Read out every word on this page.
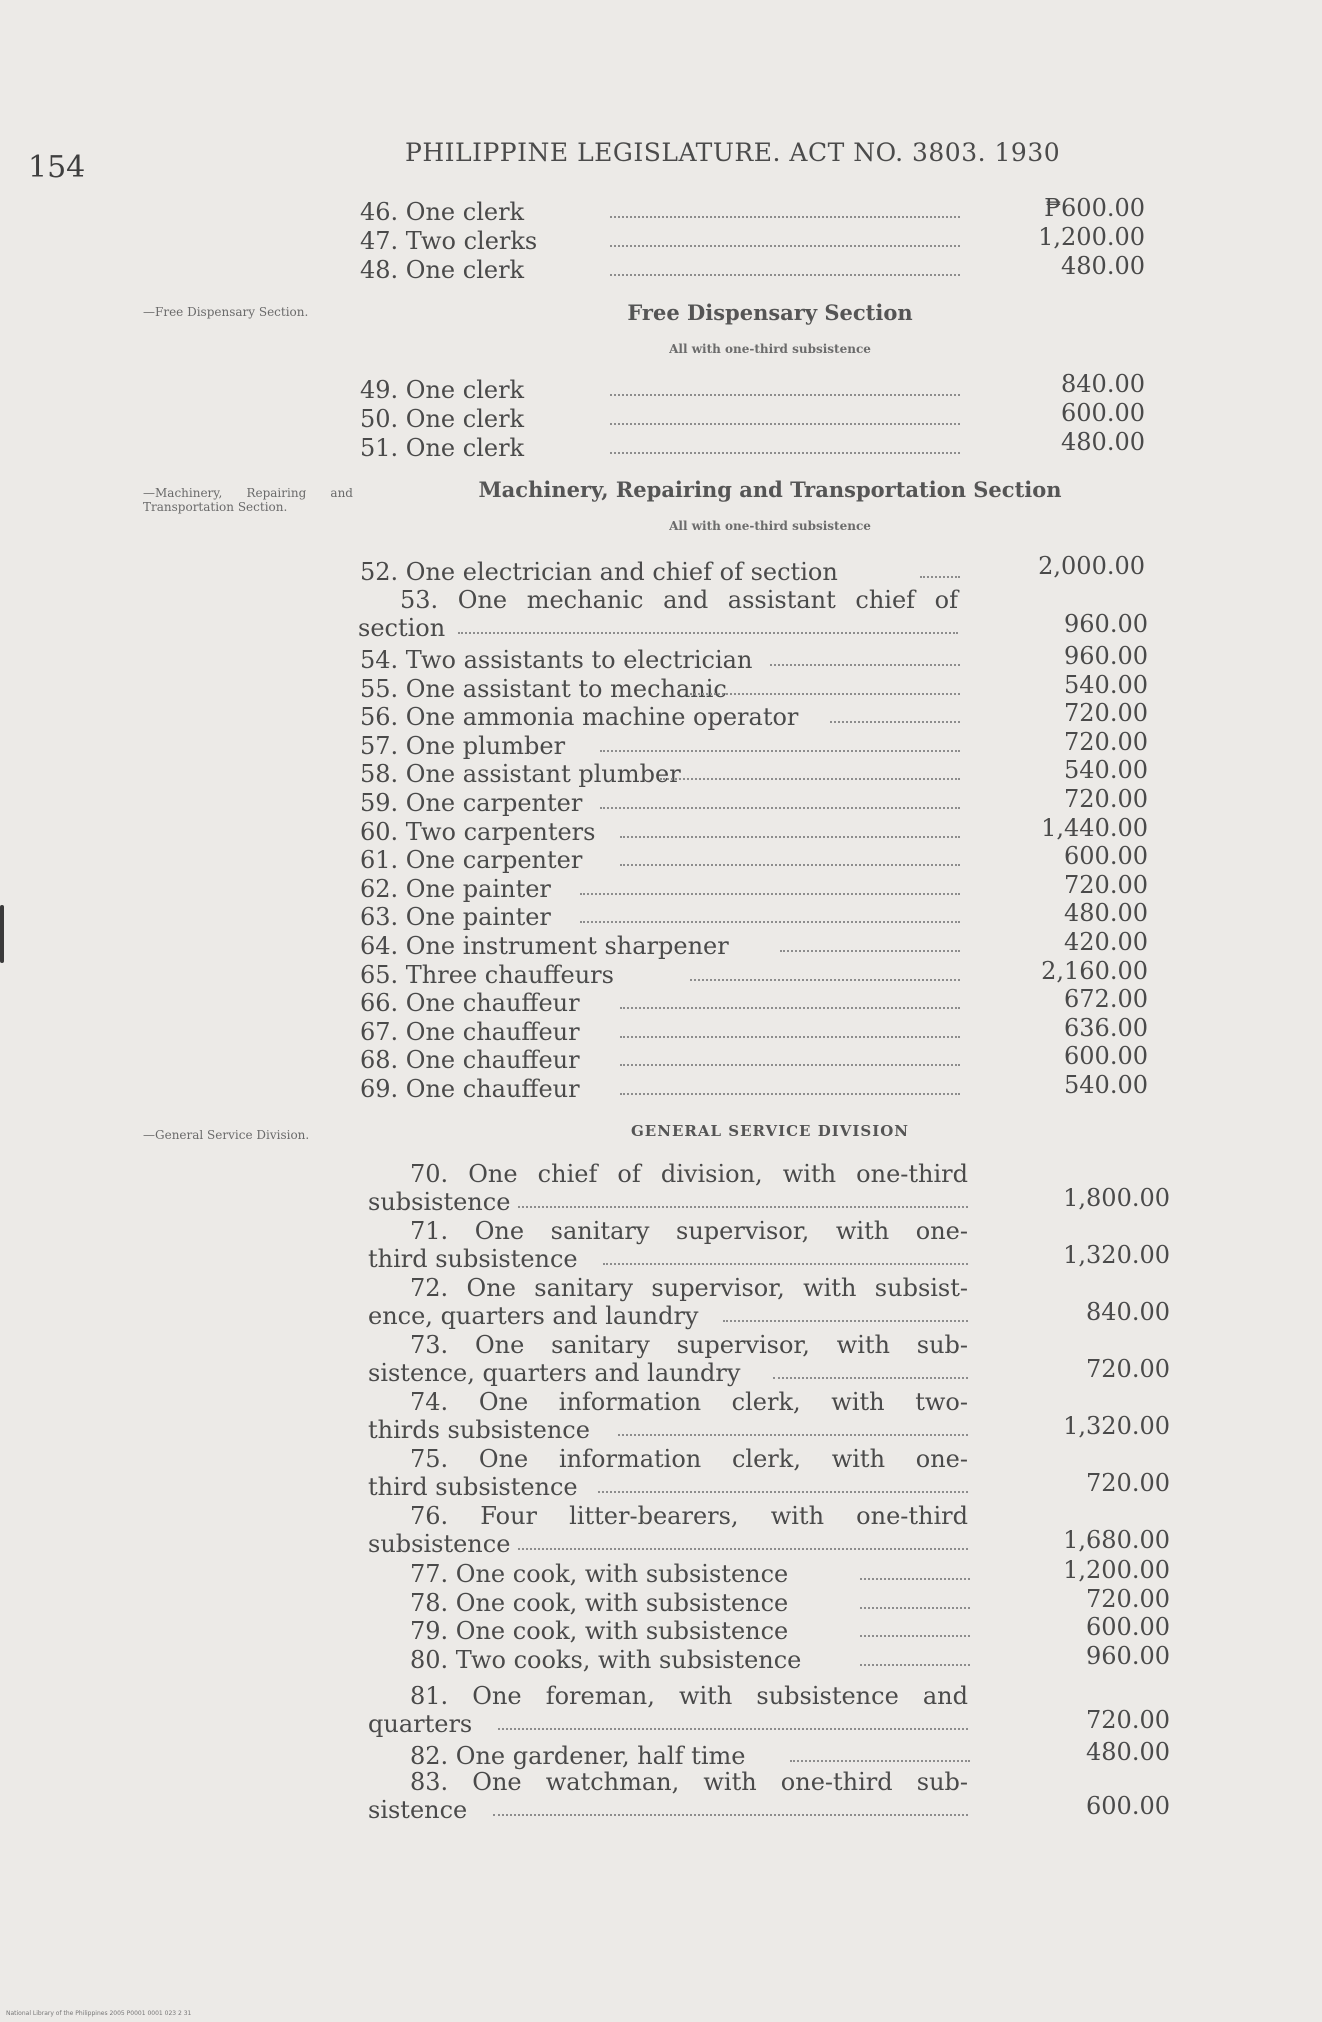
154	PHILIPPINE LEGISLATURE. ACT NO. 3803. 1930
46. One clerk	₱600.00
47. Two clerks	1,200.00
48. One clerk	480.00
—Free Dispensary Section.	Free Dispensary Section
All with one-third subsistence
49. One clerk	840.00
50. One clerk	600.00
51. One clerk	480.00
—Machinery, Repairing and Transportation Section.
Machinery, Repairing and Transportation Section
All with one-third subsistence
52. One electrician and chief of section	2,000.00
53. One mechanic and assistant chief of
section	960.00
54. Two assistants to electrician	960.00
55. One assistant to mechanic	540.00
56. One ammonia machine operator	720.00
57. One plumber	720.00
58. One assistant plumber	540.00
59. One carpenter	720.00
60. Two carpenters	1,440.00
61. One carpenter	600.00
62. One painter	720.00
63. One painter	480.00
64. One instrument sharpener	420.00
65. Three chauffeurs	2,160.00
66. One chauffeur	672.00
67. One chauffeur	636.00
68. One chauffeur	600.00
69. One chauffeur	540.00
—General Service Division.	GENERAL SERVICE DIVISION
70. One chief of division, with one-third
subsistence	1,800.00
71. One sanitary supervisor, with one-
third subsistence	1,320.00
72. One sanitary supervisor, with subsist-
ence, quarters and laundry	840.00
73. One sanitary supervisor, with sub-
sistence, quarters and laundry	720.00
74. One information clerk, with two-
thirds subsistence	1,320.00
75. One information clerk, with one-
third subsistence	720.00
76. Four litter-bearers, with one-third
subsistence	1,680.00
77. One cook, with subsistence	1,200.00
78. One cook, with subsistence	720.00
79. One cook, with subsistence	600.00
80. Two cooks, with subsistence	960.00
81. One foreman, with subsistence and
quarters	720.00
82. One gardener, half time	480.00
83. One watchman, with one-third sub-
sistence	600.00
National Library of the Philippines 2005 P0001 0001 023 2 31
